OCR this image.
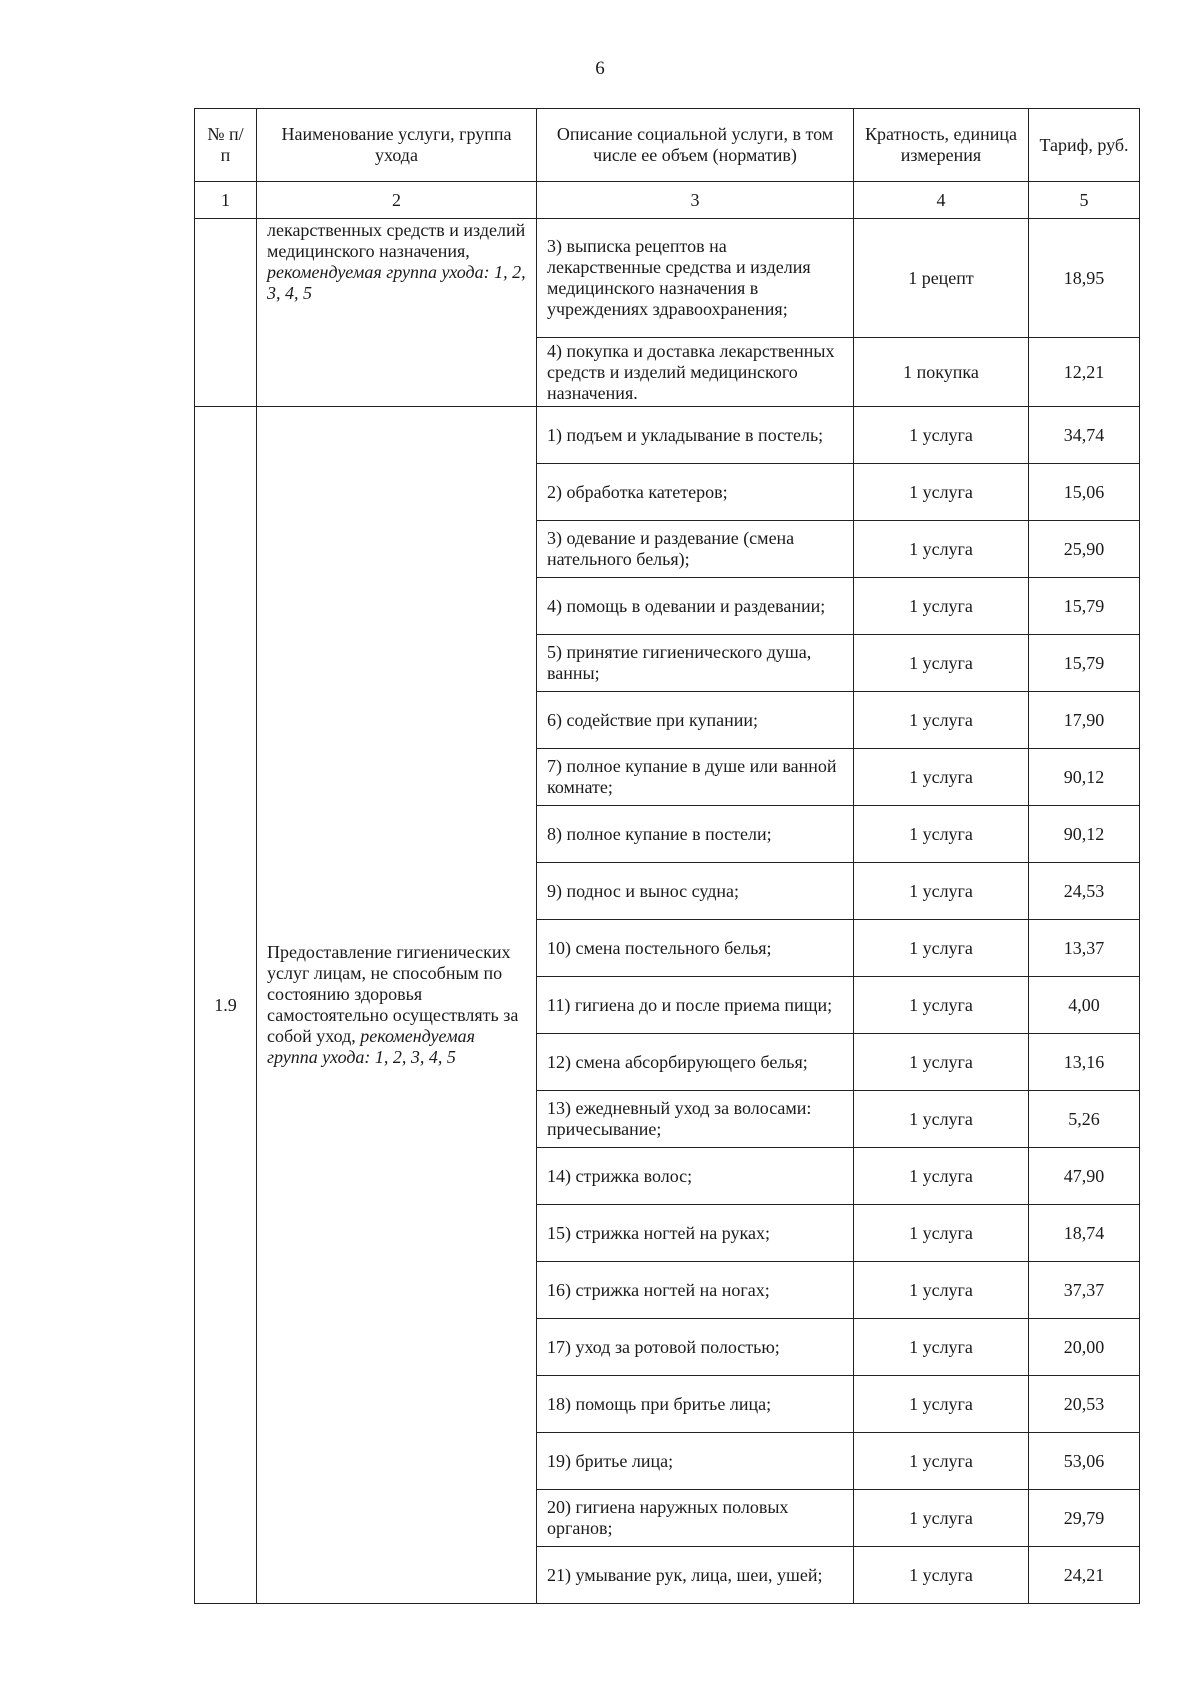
6
№ п/п	Наименование услуги, группа ухода	Описание социальной услуги, в том числе ее объем (норматив)	Кратность, единица измерения	Тариф, руб.
1	2	3	4	5
	лекарственных средств и изделий медицинского назначения, рекомендуемая группа ухода: 1, 2, 3, 4, 5	3) выписка рецептов на лекарственные средства и изделия медицинского назначения в учреждениях здравоохранения;	1 рецепт	18,95
		4) покупка и доставка лекарственных средств и изделий медицинского назначения.	1 покупка	12,21
1.9	Предоставление гигиенических услуг лицам, не способным по состоянию здоровья самостоятельно осуществлять за собой уход, рекомендуемая группа ухода: 1, 2, 3, 4, 5	1) подъем и укладывание в постель;	1 услуга	34,74
		2) обработка катетеров;	1 услуга	15,06
		3) одевание и раздевание (смена нательного белья);	1 услуга	25,90
		4) помощь в одевании и раздевании;	1 услуга	15,79
		5) принятие гигиенического душа, ванны;	1 услуга	15,79
		6) содействие при купании;	1 услуга	17,90
		7) полное купание в душе или ванной комнате;	1 услуга	90,12
		8) полное купание в постели;	1 услуга	90,12
		9) поднос и вынос судна;	1 услуга	24,53
		10) смена постельного белья;	1 услуга	13,37
		11) гигиена до и после приема пищи;	1 услуга	4,00
		12) смена абсорбирующего белья;	1 услуга	13,16
		13) ежедневный уход за волосами: причесывание;	1 услуга	5,26
		14) стрижка волос;	1 услуга	47,90
		15) стрижка ногтей на руках;	1 услуга	18,74
		16) стрижка ногтей на ногах;	1 услуга	37,37
		17) уход за ротовой полостью;	1 услуга	20,00
		18) помощь при бритье лица;	1 услуга	20,53
		19) бритье лица;	1 услуга	53,06
		20) гигиена наружных половых органов;	1 услуга	29,79
		21) умывание рук, лица, шеи, ушей;	1 услуга	24,21
